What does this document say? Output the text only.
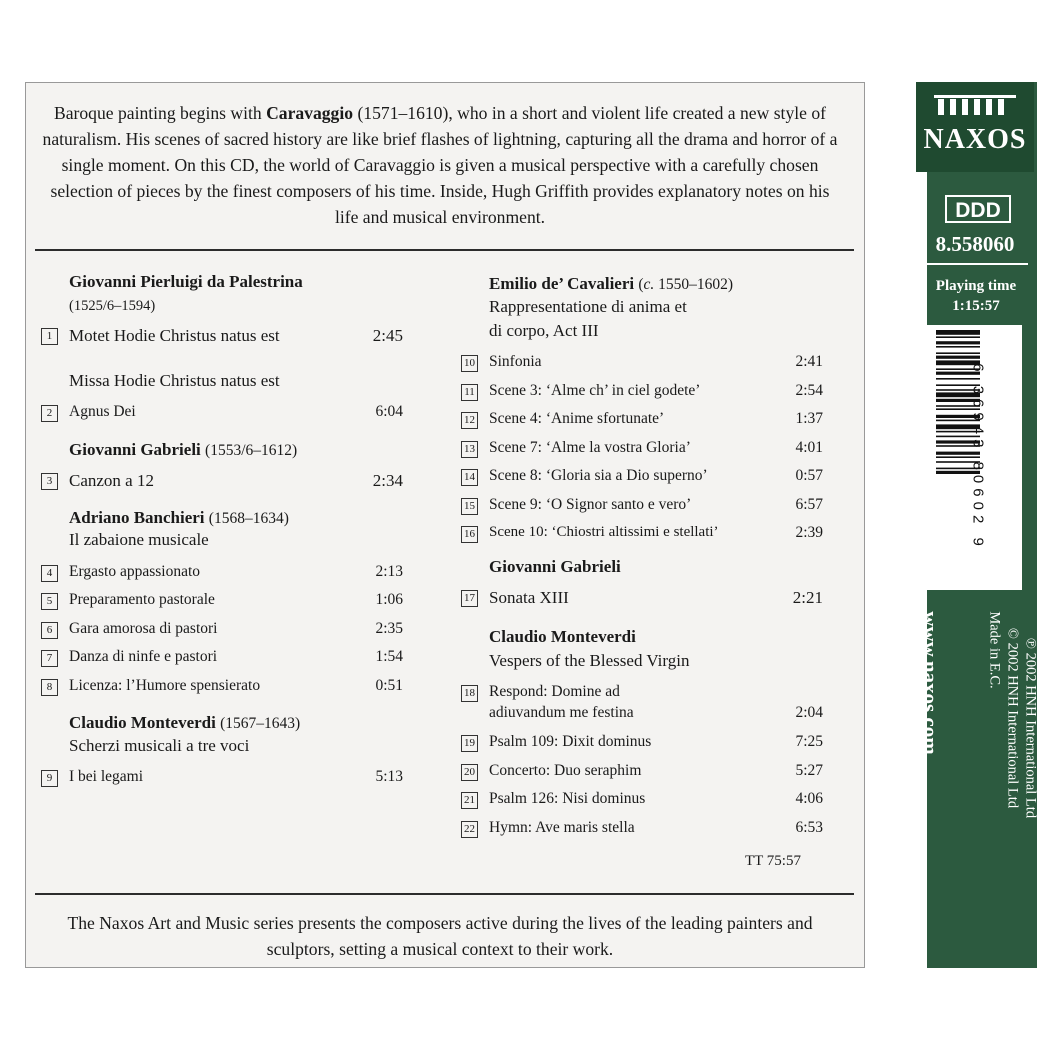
Baroque painting begins with Caravaggio (1571–1610), who in a short and violent life created a new style of naturalism. His scenes of sacred history are like brief flashes of lightning, capturing all the drama and horror of a single moment. On this CD, the world of Caravaggio is given a musical perspective with a carefully chosen selection of pieces by the finest composers of his time. Inside, Hugh Griffith provides explanatory notes on his life and musical environment.
Giovanni Pierluigi da Palestrina
(1525/6–1594)
1 Motet Hodie Christus natus est	2:45
Missa Hodie Christus natus est
2	Agnus Dei	6:04
Giovanni Gabrieli (1553/6–1612)
3 Canzon a 12	2:34
Adriano Banchieri (1568–1634)
Il zabaione musicale
4	Ergasto appassionato	2:13
5	Preparamento pastorale	1:06
6	Gara amorosa di pastori	2:35
7	Danza di ninfe e pastori	1:54
8	Licenza: l’Humore spensierato	0:51
Claudio Monteverdi (1567–1643)
Scherzi musicali a tre voci
9	I bei legami	5:13
Emilio de’ Cavalieri (c. 1550–1602)
Rappresentatione di anima et
di corpo, Act III
10 Sinfonia	2:41
11 Scene 3: ‘Alme ch’ in ciel godete’	2:54
12 Scene 4: ‘Anime sfortunate’	1:37
13 Scene 7: ‘Alme la vostra Gloria’	4:01
14 Scene 8: ‘Gloria sia a Dio superno’	0:57
15 Scene 9: ‘O Signor santo e vero’	6:57
16 Scene 10: ‘Chiostri altissimi e stellati’	2:39
Giovanni Gabrieli
17 Sonata XIII	2:21
Claudio Monteverdi
Vespers of the Blessed Virgin
18 Respond: Domine ad
adiuvandum me festina	2:04
19 Psalm 109: Dixit dominus	7:25
20 Concerto: Duo seraphim	5:27
21 Psalm 126: Nisi dominus	4:06
22 Hymn: Ave maris stella	6:53
TT 75:57
The Naxos Art and Music series presents the composers active during the lives of the leading painters and sculptors, setting a musical context to their work.
NAXOS
DDD
8.558060
Playing time
1:15:57
6 36943 80602 9
www.naxos.com	℗ 2002 HNH International Ltd
© 2002 HNH International Ltd
Made in E.C.
